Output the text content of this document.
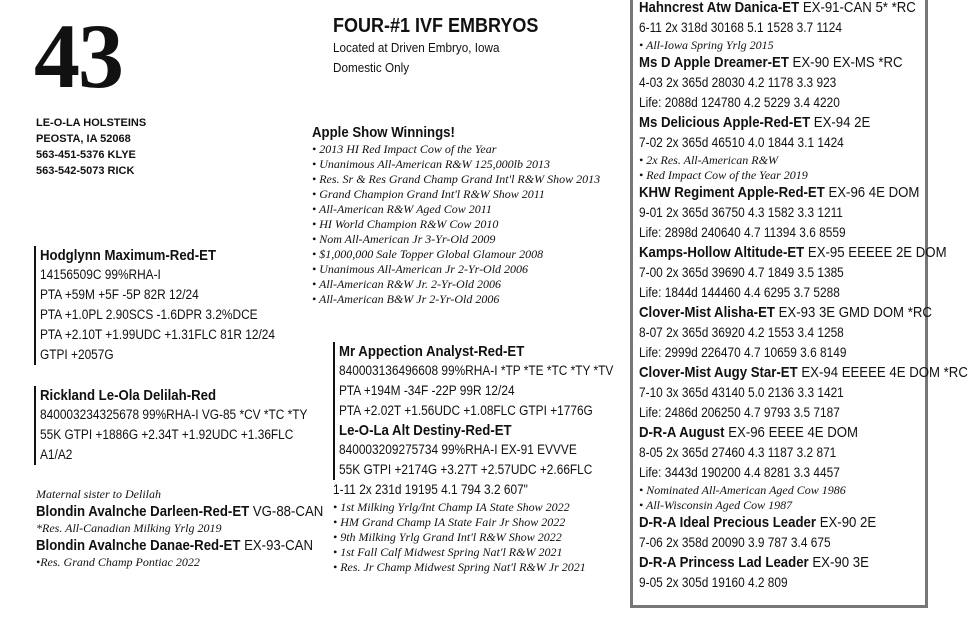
43
LE-O-LA HOLSTEINS
PEOSTA, IA 52068
563-451-5376 KLYE
563-542-5073 RICK
FOUR-#1 IVF EMBRYOS
Located at Driven Embryo, Iowa
Domestic Only
Hodglynn Maximum-Red-ET
14156509C 99%RHA-I
PTA +59M +5F -5P 82R 12/24
PTA +1.0PL 2.90SCS -1.6DPR 3.2%DCE
PTA +2.10T +1.99UDC +1.31FLC 81R 12/24
GTPI +2057G
Rickland Le-Ola Delilah-Red
840003234325678 99%RHA-I VG-85 *CV *TC *TY
55K GTPI +1886G +2.34T +1.92UDC +1.36FLC
A1/A2
Maternal sister to Delilah
Blondin Avalnche Darleen-Red-ET VG-88-CAN
*Res. All-Canadian Milking Yrlg 2019
Blondin Avalnche Danae-Red-ET EX-93-CAN
•Res. Grand Champ Pontiac 2022
Apple Show Winnings!
• 2013 HI Red Impact Cow of the Year
• Unanimous All-American R&W 125,000lb 2013
• Res. Sr & Res Grand Champ Grand Int'l R&W Show 2013
• Grand Champion Grand Int'l R&W Show 2011
• All-American R&W Aged Cow 2011
• HI World Champion R&W Cow 2010
• Nom All-American Jr 3-Yr-Old 2009
• $1,000,000 Sale Topper Global Glamour 2008
• Unanimous All-American Jr 2-Yr-Old 2006
• All-American R&W Jr. 2-Yr-Old 2006
• All-American B&W Jr 2-Yr-Old 2006
Mr Appection Analyst-Red-ET
840003136496608 99%RHA-I *TP *TE *TC *TY *TV
PTA +194M -34F -22P 99R 12/24
PTA +2.02T +1.56UDC +1.08FLC GTPI +1776G
Le-O-La Alt Destiny-Red-ET
840003209275734 99%RHA-I EX-91 EVVVE
55K GTPI +2174G +3.27T +2.57UDC +2.66FLC
1-11 2x 231d 19195 4.1 794 3.2 607"
• 1st Milking Yrlg/Int Champ IA State Show 2022
• HM Grand Champ IA State Fair Jr Show 2022
• 9th Milking Yrlg Grand Int'l R&W Show 2022
• 1st Fall Calf Midwest Spring Nat'l R&W 2021
• Res. Jr Champ Midwest Spring Nat'l R&W Jr 2021
Hahncrest Atw Danica-ET EX-91-CAN 5* *RC
6-11 2x 318d 30168 5.1 1528 3.7 1124
• All-Iowa Spring Yrlg 2015
Ms D Apple Dreamer-ET EX-90 EX-MS *RC
4-03 2x 365d 28030 4.2 1178 3.3 923
Life: 2088d 124780 4.2 5229 3.4 4220
Ms Delicious Apple-Red-ET EX-94 2E
7-02 2x 365d 46510 4.0 1844 3.1 1424
• 2x Res. All-American R&W
• Red Impact Cow of the Year 2019
KHW Regiment Apple-Red-ET EX-96 4E DOM
9-01 2x 365d 36750 4.3 1582 3.3 1211
Life: 2898d 240640 4.7 11394 3.6 8559
Kamps-Hollow Altitude-ET EX-95 EEEEE 2E DOM
7-00 2x 365d 39690 4.7 1849 3.5 1385
Life: 1844d 144460 4.4 6295 3.7 5288
Clover-Mist Alisha-ET EX-93 3E GMD DOM *RC
8-07 2x 365d 36920 4.2 1553 3.4 1258
Life: 2999d 226470 4.7 10659 3.6 8149
Clover-Mist Augy Star-ET EX-94 EEEEE 4E DOM *RC
7-10 3x 365d 43140 5.0 2136 3.3 1421
Life: 2486d 206250 4.7 9793 3.5 7187
D-R-A August EX-96 EEEE 4E DOM
8-05 2x 365d 27460 4.3 1187 3.2 871
Life: 3443d 190200 4.4 8281 3.3 4457
• Nominated All-American Aged Cow 1986
• All-Wisconsin Aged Cow 1987
D-R-A Ideal Precious Leader EX-90 2E
7-06 2x 358d 20090 3.9 787 3.4 675
D-R-A Princess Lad Leader EX-90 3E
9-05 2x 305d 19160 4.2 809
